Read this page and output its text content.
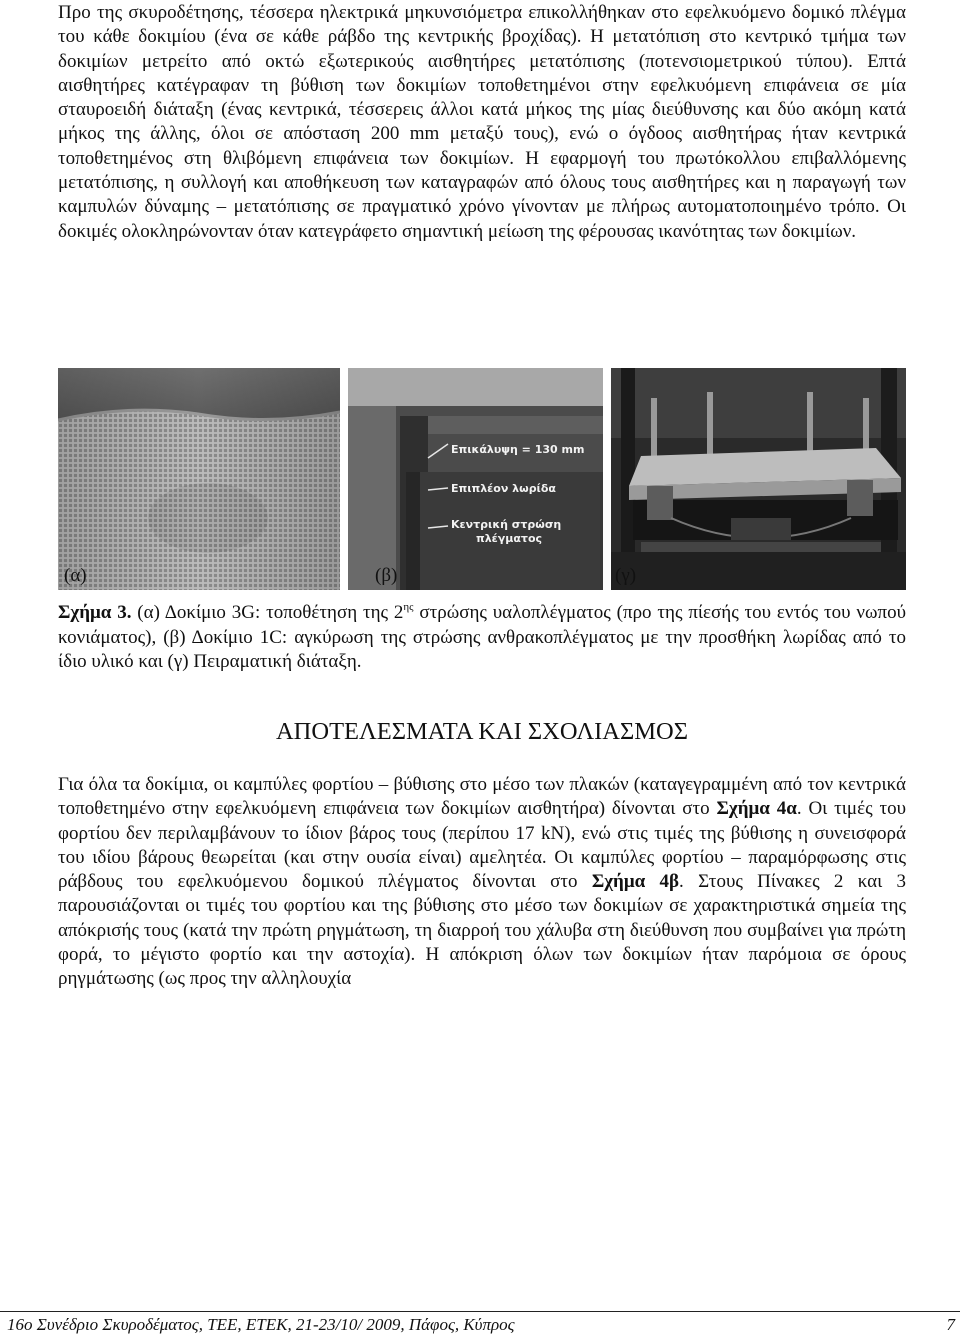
Προ της σκυροδέτησης, τέσσερα ηλεκτρικά μηκυνσιόμετρα επικολλήθηκαν στο εφελκυόμενο δομικό πλέγμα του κάθε δοκιμίου (ένα σε κάθε ράβδο της κεντρικής βροχίδας). Η μετατόπιση στο κεντρικό τμήμα των δοκιμίων μετρείτο από οκτώ εξωτερικούς αισθητήρες μετατόπισης (ποτενσιομετρικού τύπου). Επτά αισθητήρες κατέγραφαν τη βύθιση των δοκιμίων τοποθετημένοι στην εφελκυόμενη επιφάνεια σε μία σταυροειδή διάταξη (ένας κεντρικά, τέσσερεις άλλοι κατά μήκος της μίας διεύθυνσης και δύο ακόμη κατά μήκος της άλλης, όλοι σε απόσταση 200 mm μεταξύ τους), ενώ ο όγδοος αισθητήρας ήταν κεντρικά τοποθετημένος στη θλιβόμενη επιφάνεια των δοκιμίων. Η εφαρμογή του πρωτόκολλου επιβαλλόμενης μετατόπισης, η συλλογή και αποθήκευση των καταγραφών από όλους τους αισθητήρες και η παραγωγή των καμπυλών δύναμης – μετατόπισης σε πραγματικό χρόνο γίνονταν με πλήρως αυτοματοποιημένο τρόπο. Οι δοκιμές ολοκληρώνονταν όταν κατεγράφετο σημαντική μείωση της φέρουσας ικανότητας των δοκιμίων.

(α)
Επικάλυψη = 130 mm
Επιπλέον λωρίδα
Κεντρική στρώση
πλέγματος
(β)	(γ)

Σχήμα 3. (α) Δοκίμιο 3G: τοποθέτηση της $2^{\eta\varsigma}$ στρώσης υαλοπλέγματος (προ της πίεσής του εντός του νωπού κονιάματος), (β) Δοκίμιο 1C: αγκύρωση της στρώσης ανθρακοπλέγματος με την προσθήκη λωρίδας από το ίδιο υλικό και (γ) Πειραματική διάταξη.

ΑΠΟΤΕΛΕΣΜΑΤΑ ΚΑΙ ΣΧΟΛΙΑΣΜΟΣ

Για όλα τα δοκίμια, οι καμπύλες φορτίου – βύθισης στο μέσο των πλακών (καταγεγραμμένη από τον κεντρικά τοποθετημένο στην εφελκυόμενη επιφάνεια των δοκιμίων αισθητήρα) δίνονται στο Σχήμα 4α. Οι τιμές του φορτίου δεν περιλαμβάνουν το ίδιον βάρος τους (περίπου 17 kN), ενώ στις τιμές της βύθισης η συνεισφορά του ιδίου βάρους θεωρείται (και στην ουσία είναι) αμελητέα. Οι καμπύλες φορτίου – παραμόρφωσης στις ράβδους του εφελκυόμενου δομικού πλέγματος δίνονται στο Σχήμα 4β. Στους Πίνακες 2 και 3 παρουσιάζονται οι τιμές του φορτίου και της βύθισης στο μέσο των δοκιμίων σε χαρακτηριστικά σημεία της απόκρισής τους (κατά την πρώτη ρηγμάτωση, τη διαρροή του χάλυβα στη διεύθυνση που συμβαίνει για πρώτη φορά, το μέγιστο φορτίο και την αστοχία). Η απόκριση όλων των δοκιμίων ήταν παρόμοια σε όρους ρηγμάτωσης (ως προς την αλληλουχία

16ο Συνέδριο Σκυροδέματος, ΤΕΕ, ΕΤΕΚ, 21-23/10/ 2009, Πάφος, Κύπρος	7
